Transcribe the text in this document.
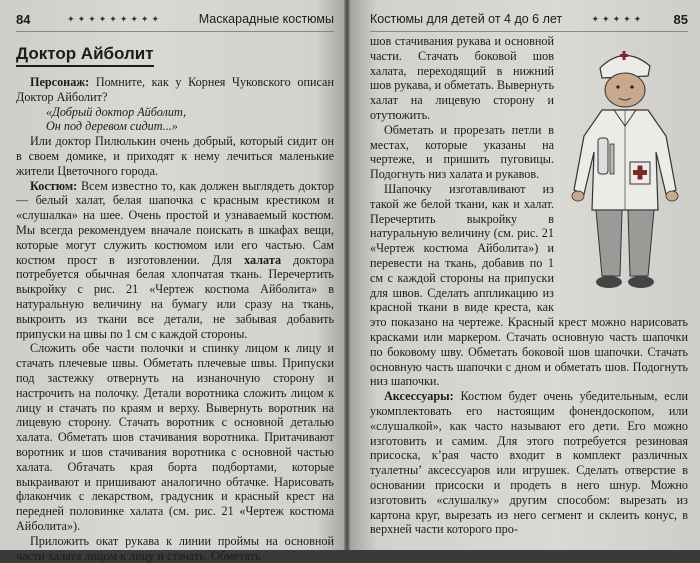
84	✦✦✦✦✦✦✦✦✦	Маскарадные костюмы
Доктор Айболит

Персонаж: Помните, как у Корнея Чуковского описан Доктор Айболит?

«Добрый доктор Айболит,

Он под деревом сидит...»

Или доктор Пилюлькин очень добрый, который сидит он в своем домике, и приходят к нему лечиться маленькие жители Цветочного города.

Костюм: Всем известно то, как должен выглядеть доктор — белый халат, белая шапочка с красным крестиком и «слушалка» на шее. Очень простой и узнаваемый костюм. Мы всегда рекомендуем вначале поискать в шкафах вещи, которые могут служить костюмом или его частью. Сам костюм прост в изготовлении. Для халата доктора потребуется обычная белая хлопчатая ткань. Перечертить выкройку с рис. 21 «Чертеж костюма Айболита» в натуральную величину на бумагу или сразу на ткань, выкроить из ткани все детали, не забывая добавить припуски на швы по 1 см с каждой стороны.

Сложить обе части полочки и спинку лицом к лицу и стачать плечевые швы. Обметать плечевые швы. Припуски под застежку отвернуть на изнаночную сторону и настрочить на полочку. Детали воротника сложить лицом к лицу и стачать по краям и верху. Вывернуть воротник на лицевую сторону. Стачать воротник с основной деталью халата. Обметать шов стачивания воротника. Притачивают воротник и шов стачивания воротника с основной частью халата. Обтачать края борта подбортами, которые выкраивают и пришивают аналогично обтачке. Нарисовать флакончик с лекарством, градусник и красный крест на передней половинке халата (см. рис. 21 «Чертеж костюма Айболита»).

Приложить окат рукава к линии проймы на основной части халата лицом к лицу и стачать. Обметать

Костюмы для детей от 4 до 6 лет	✦✦✦✦✦ 85

шов стачивания рукава и основной части. Стачать боковой шов халата, переходящий в нижний шов рукава, и обметать. Вывернуть халат на лицевую сторону и отутюжить.

Обметать и прорезать петли в местах, которые указаны на чертеже, и пришить пуговицы. Подогнуть низ халата и рукавов.

Шапочку изготавливают из такой же белой ткани, как и халат. Перечертить выкройку в натуральную величину (см. рис. 21 «Чертеж костюма Айболита») и перевести на ткань, добавив по 1 см с каждой стороны на припуски для швов. Сделать аппликацию из красной ткани в виде креста, как это показано на чертеже. Красный крест можно нарисовать красками или маркером. Стачать основную часть шапочки по боковому шву. Обметать боковой шов шапочки. Стачать основную часть шапочки с дном и обметать шов. Подогнуть низ шапочки.

Аксессуары: Костюм будет очень убедительным, если укомплектовать его настоящим фонендоскопом, или «слушалкой», как часто называют его дети. Его можно изготовить и самим. Для этого потребуется резиновая присоска, к’рая часто входит в комплект различных туалетны’ аксессуаров или игрушек. Сделать отверстие в основании присоски и продеть в него шнур. Можно изготовить «слушалку» другим способом: вырезать из картона круг, вырезать из него сегмент и склеить конус, в верхней части которого про-
